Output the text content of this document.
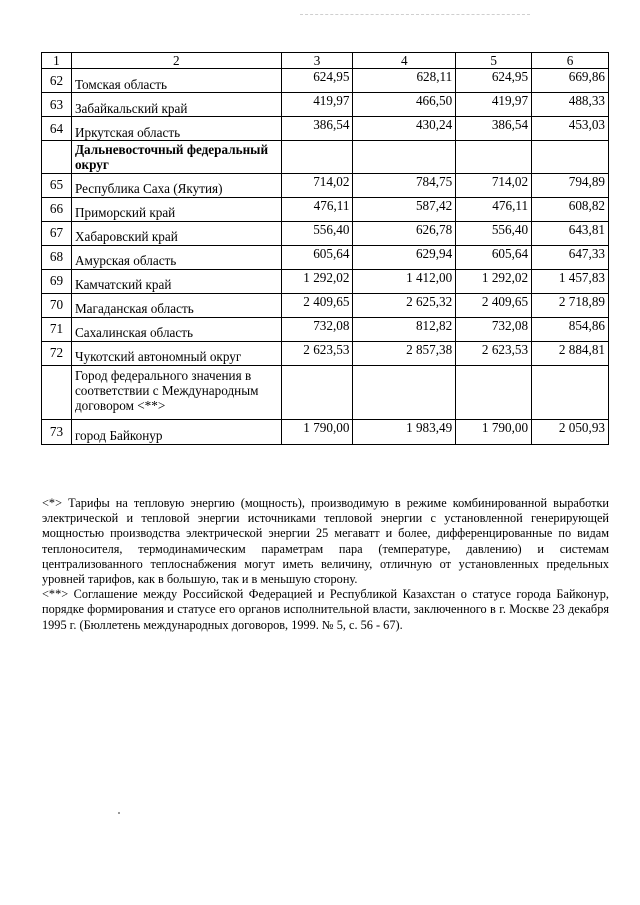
1	2	3	4	5	6
62	Томская область	624,95	628,11	624,95	669,86
63	Забайкальский край	419,97	466,50	419,97	488,33
64	Иркутская область	386,54	430,24	386,54	453,03
	Дальневосточный федеральный округ				
65	Республика Саха (Якутия)	714,02	784,75	714,02	794,89
66	Приморский край	476,11	587,42	476,11	608,82
67	Хабаровский край	556,40	626,78	556,40	643,81
68	Амурская область	605,64	629,94	605,64	647,33
69	Камчатский край	1 292,02	1 412,00	1 292,02	1 457,83
70	Магаданская область	2 409,65	2 625,32	2 409,65	2 718,89
71	Сахалинская область	732,08	812,82	732,08	854,86
72	Чукотский автономный округ	2 623,53	2 857,38	2 623,53	2 884,81
	Город федерального значения в соответствии с Международным договором <**>				
73	город Байконур	1 790,00	1 983,49	1 790,00	2 050,93

<*> Тарифы на тепловую энергию (мощность), производимую в режиме комбинированной выработки электрической и тепловой энергии источниками тепловой энергии с установленной генерирующей мощностью производства электрической энергии 25 мегаватт и более, дифференцированные по видам теплоносителя, термодинамическим параметрам пара (температуре, давлению) и системам централизованного теплоснабжения могут иметь величину, отличную от установленных предельных уровней тарифов, как в большую, так и в меньшую сторону.

<**> Соглашение между Российской Федерацией и Республикой Казахстан о статусе города Байконур, порядке формирования и статусе его органов исполнительной власти, заключенного в г. Москве 23 декабря 1995 г. (Бюллетень международных договоров, 1999. № 5, с. 56 - 67).
